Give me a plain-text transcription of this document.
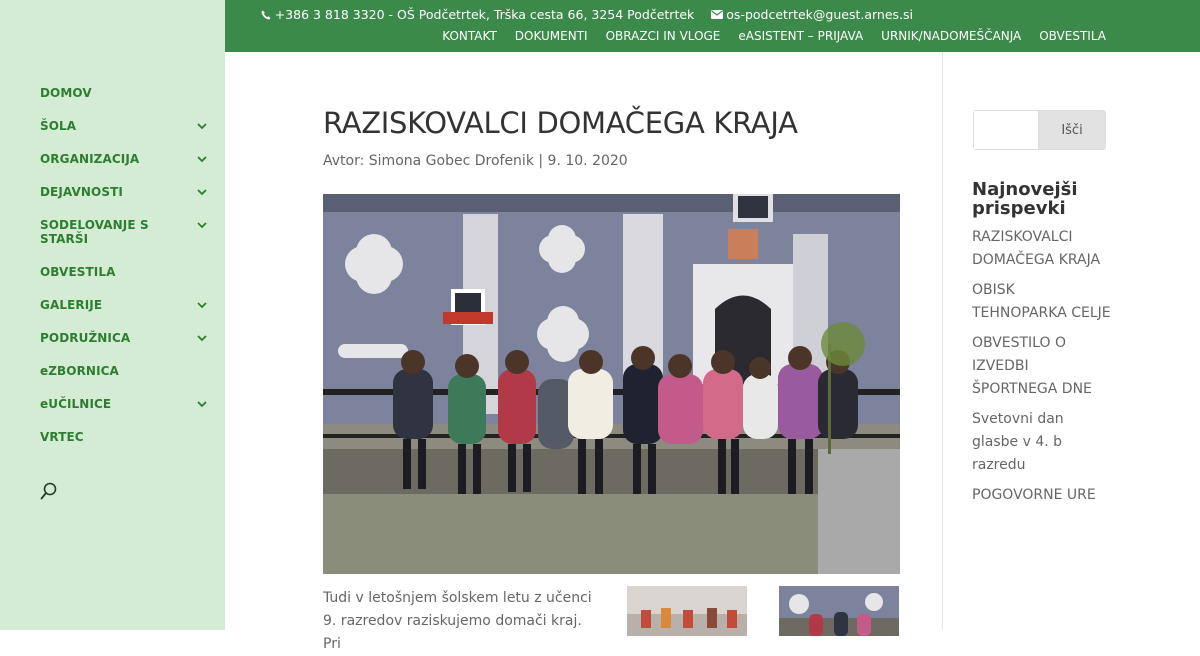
DOMOV
ŠOLA
ORGANIZACIJA
DEJAVNOSTI
SODELOVANJE S STARŠI
OBVESTILA
GALERIJE
PODRUŽNICA
eZBORNICA
eUČILNICE
VRTEC
+386 3 818 3320 - OŠ Podčetrtek, Trška cesta 66, 3254 Podčetrtek	os-podcetrtek@guest.arnes.si
KONTAKT DOKUMENTI OBRAZCI IN VLOGE eASISTENT – PRIJAVA URNIK/NADOMEŠČANJA OBVESTILA
RAZISKOVALCI DOMAČEGA KRAJA
Avtor: Simona Gobec Drofenik | 9. 10. 2020

Tudi v letošnjem šolskem letu z učenci 9. razredov raziskujemo domači kraj. Pri

Išči
Najnovejši prispevki
RAZISKOVALCI DOMAČEGA KRAJA
OBISK TEHNOPARKA CELJE
OBVESTILO O IZVEDBI ŠPORTNEGA DNE
Svetovni dan glasbe v 4. b razredu
POGOVORNE URE
